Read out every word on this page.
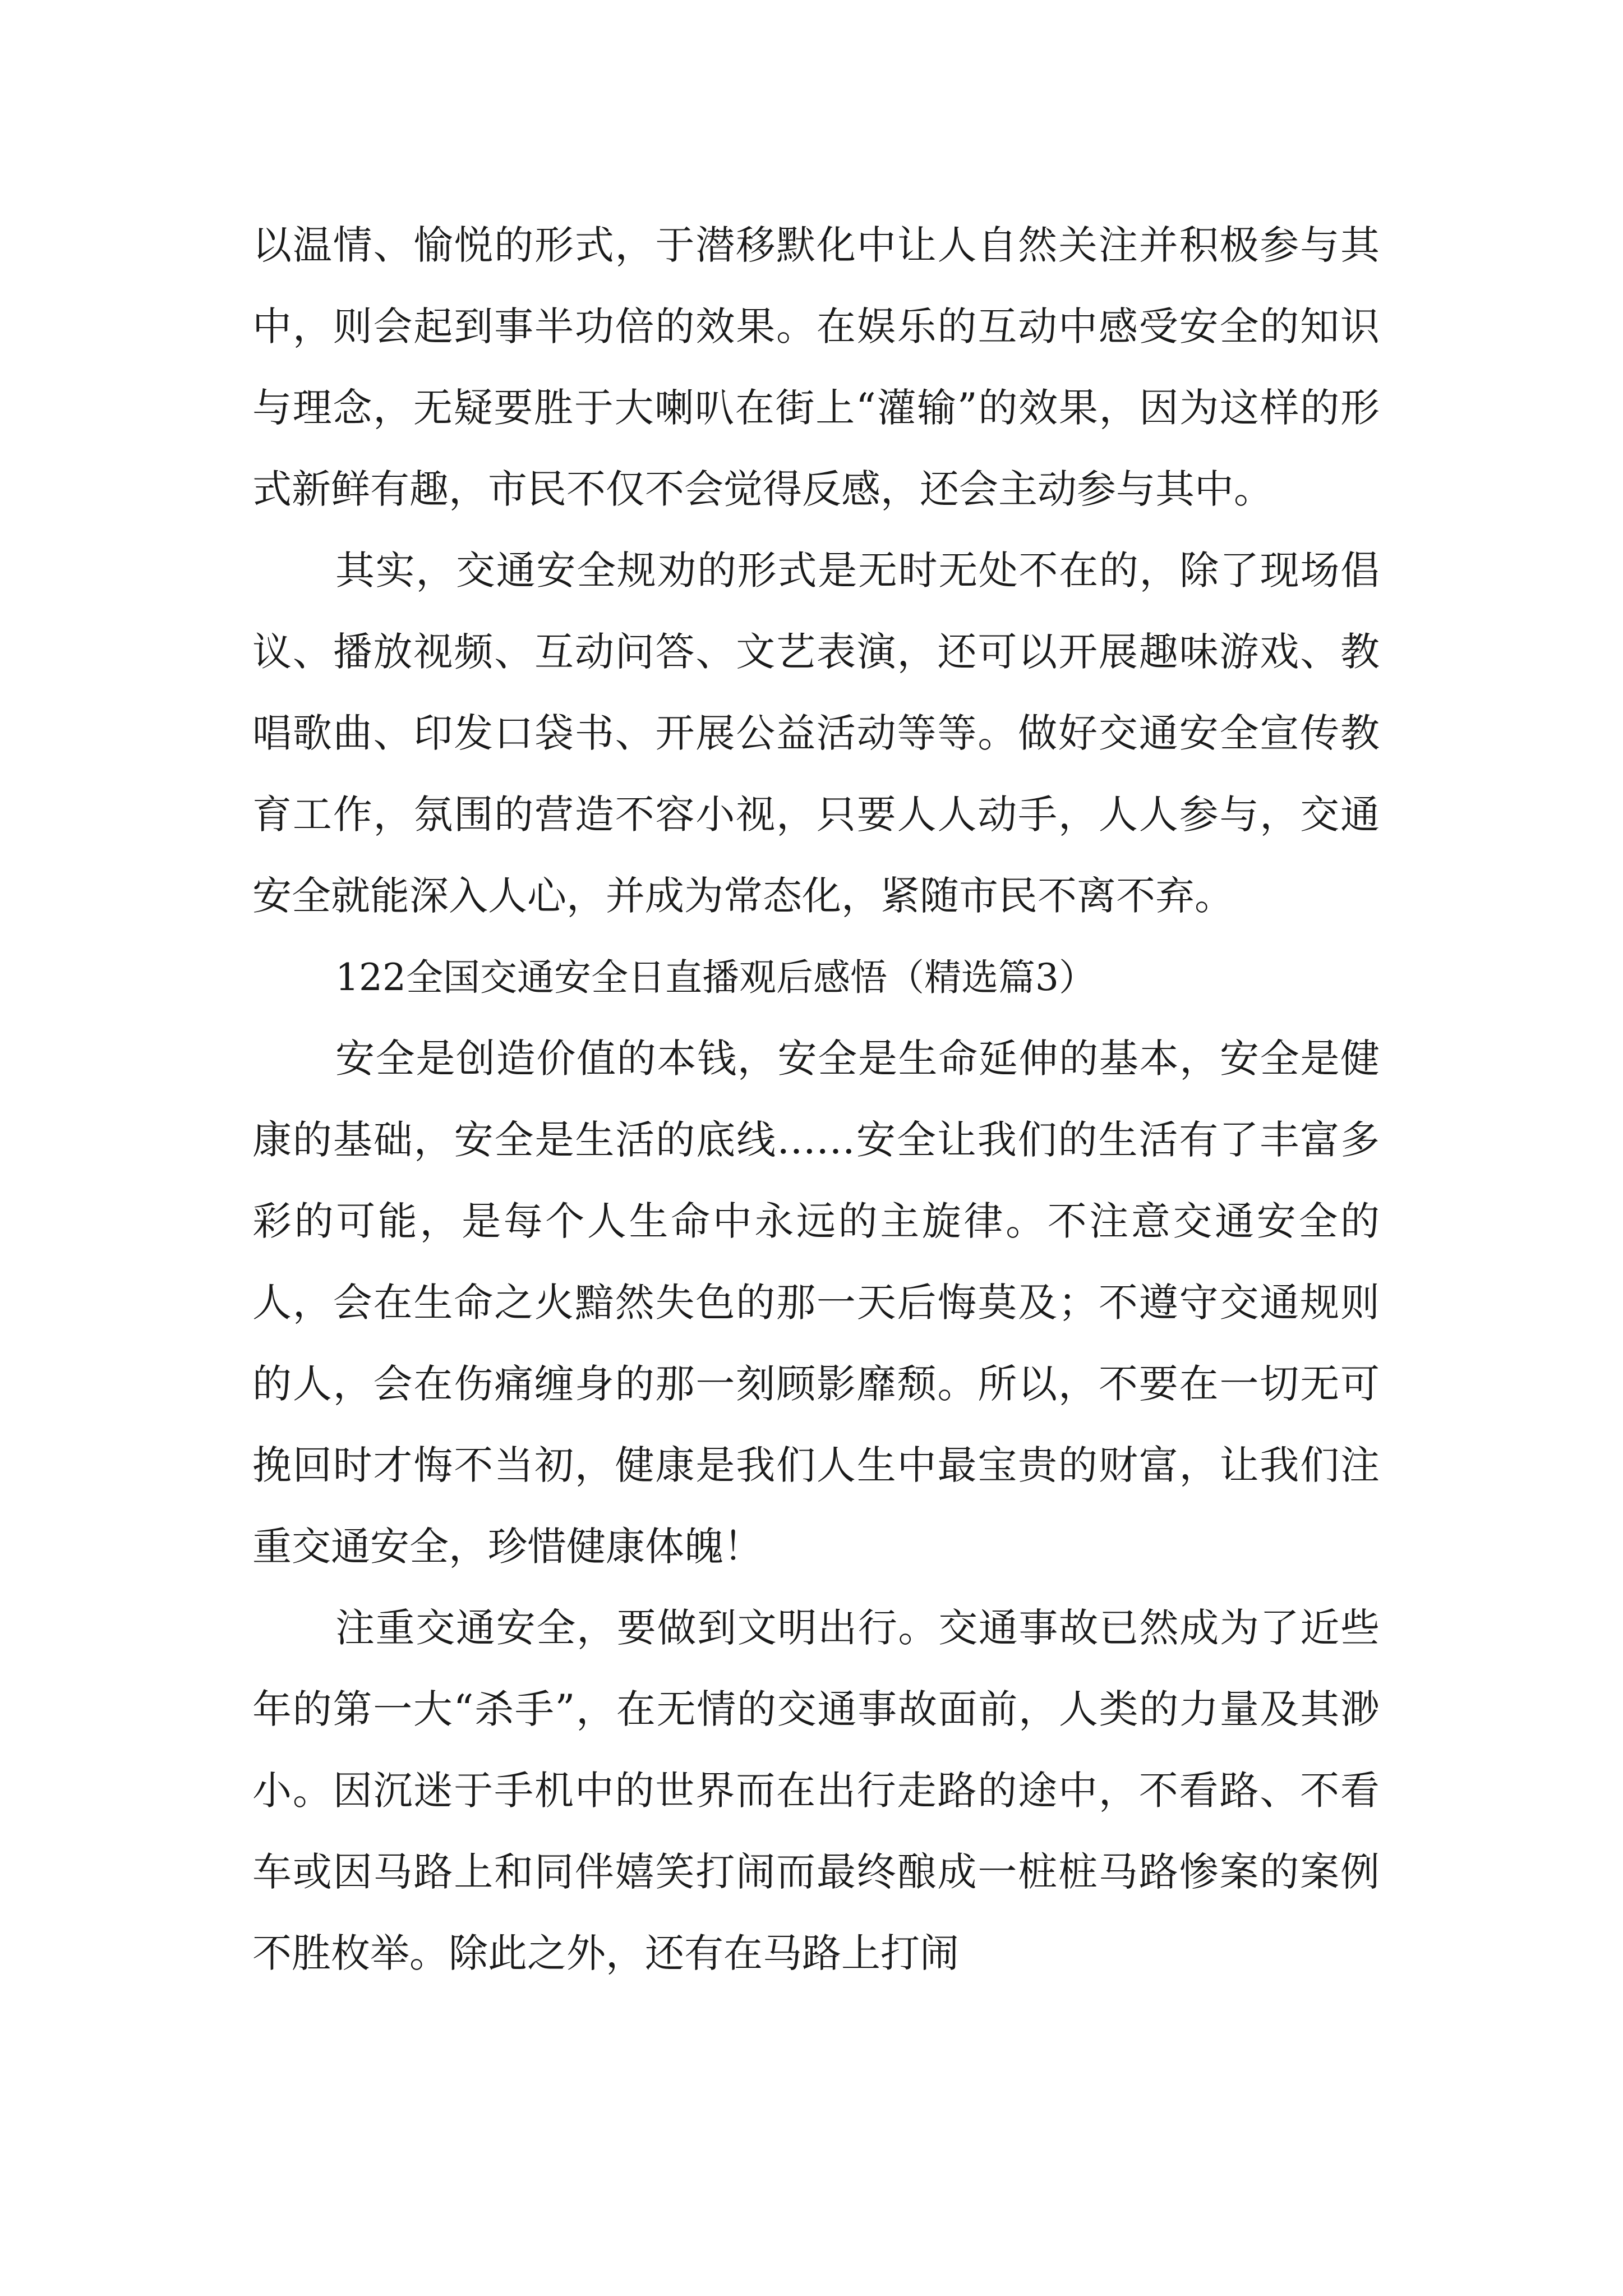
以温情、愉悦的形式，于潜移默化中让人自然关注并积极参与其中，则会起到事半功倍的效果。在娱乐的互动中感受安全的知识与理念，无疑要胜于大喇叭在街上“灌输”的效果，因为这样的形式新鲜有趣，市民不仅不会觉得反感，还会主动参与其中。

其实，交通安全规劝的形式是无时无处不在的，除了现场倡议、播放视频、互动问答、文艺表演，还可以开展趣味游戏、教唱歌曲、印发口袋书、开展公益活动等等。做好交通安全宣传教育工作，氛围的营造不容小视，只要人人动手，人人参与，交通安全就能深入人心，并成为常态化，紧随市民不离不弃。

122全国交通安全日直播观后感悟（精选篇3）

安全是创造价值的本钱，安全是生命延伸的基本，安全是健康的基础，安全是生活的底线……安全让我们的生活有了丰富多彩的可能，是每个人生命中永远的主旋律。不注意交通安全的人，会在生命之火黯然失色的那一天后悔莫及；不遵守交通规则的人，会在伤痛缠身的那一刻顾影靡颓。所以，不要在一切无可挽回时才悔不当初，健康是我们人生中最宝贵的财富，让我们注重交通安全，珍惜健康体魄！

注重交通安全，要做到文明出行。交通事故已然成为了近些年的第一大“杀手”，在无情的交通事故面前，人类的力量及其渺小。因沉迷于手机中的世界而在出行走路的途中，不看路、不看车或因马路上和同伴嬉笑打闹而最终酿成一桩桩马路惨案的案例不胜枚举。除此之外，还有在马路上打闹
